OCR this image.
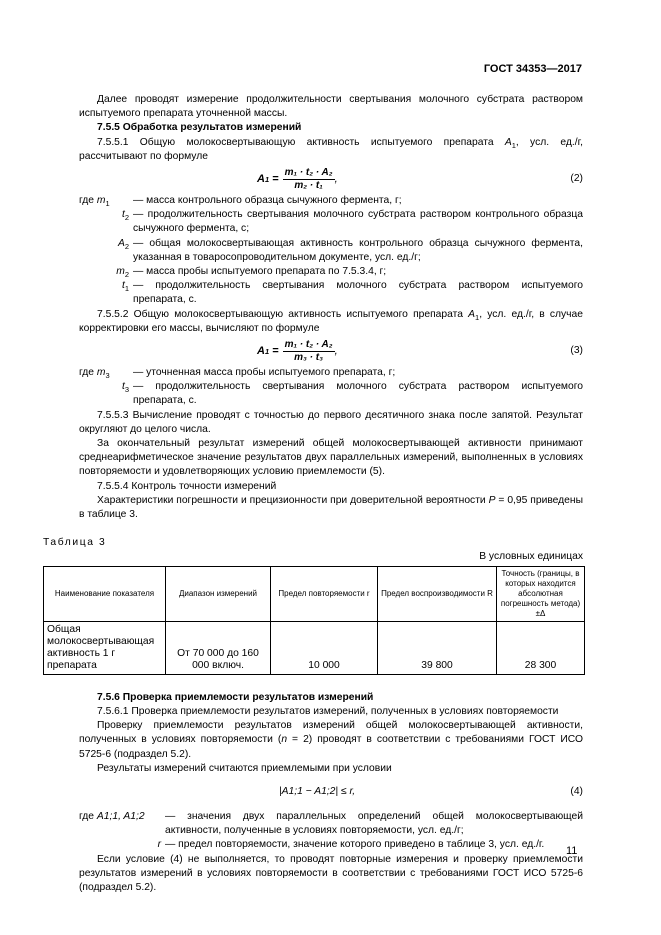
ГОСТ 34353—2017

Далее проводят измерение продолжительности свертывания молочного субстрата раствором испытуемого препарата уточненной массы.

7.5.5 Обработка результатов измерений

7.5.5.1 Общую молокосвертывающую активность испытуемого препарата $A_1$, усл. ед./г, рассчитывают по формуле

A $1 = \frac{\text{m₁ · t₂ · A₂}}{\text{m₂ · t₁}}$ ,	(2)
где $m_1$	— масса контрольного образца сычужного фермента, г;
$t_2$ — продолжительность свертывания молочного субстрата раствором контрольного образца сычужного фермента, с;
$A_2$ — общая молокосвертывающая активность контрольного образца сычужного фермента, указанная в товаросопроводительном документе, усл. ед./г;
$m_2$ — масса пробы испытуемого препарата по 7.5.3.4, г;
$t_1$ — продолжительность свертывания молочного субстрата раствором испытуемого препарата, с.

7.5.5.2 Общую молокосвертывающую активность испытуемого препарата $A_1$, усл. ед./г, в случае корректировки его массы, вычисляют по формуле

A $1 = \frac{\text{m₁ · t₂ · A₂}}{\text{m₃ · t₃}}$ ,	(3)
где $m_3$	— уточненная масса пробы испытуемого препарата, г;
$t_3$ — продолжительность свертывания молочного субстрата раствором испытуемого препарата, с.

7.5.5.3 Вычисление проводят с точностью до первого десятичного знака после запятой. Результат округляют до целого числа.

За окончательный результат измерений общей молокосвертывающей активности принимают среднеарифметическое значение результатов двух параллельных измерений, выполненных в условиях повторяемости и удовлетворяющих условию приемлемости (5).

7.5.5.4 Контроль точности измерений

Характеристики погрешности и прецизионности при доверительной вероятности P = 0,95 приведены в таблице 3.

Таблица 3

В условных единицах

Наименование показателя	Диапазон измерений	Предел повторяемости r	Предел воспроизводимости R	Точность (границы, в которых находится абсолютная погрешность метода) ±Δ
Общая молокосвертывающая активность 1 г препарата	От 70 000 до 160 000 включ.	10 000	39 800	28 300

7.5.6 Проверка приемлемости результатов измерений

7.5.6.1 Проверка приемлемости результатов измерений, полученных в условиях повторяемости

Проверку приемлемости результатов измерений общей молокосвертывающей активности, полученных в условиях повторяемости (n = 2) проводят в соответствии с требованиями ГОСТ ИСО 5725-6 (подраздел 5.2).

Результаты измерений считаются приемлемыми при условии

|A1;1 − A1;2| ≤ r,	(4)
где A1;1, A1;2	— значения двух параллельных определений общей молокосвертывающей активности, полученные в условиях повторяемости, усл. ед./г;
r — предел повторяемости, значение которого приведено в таблице 3, усл. ед./г.

Если условие (4) не выполняется, то проводят повторные измерения и проверку приемлемости результатов измерений в условиях повторяемости в соответствии с требованиями ГОСТ ИСО 5725-6 (подраздел 5.2).

11
